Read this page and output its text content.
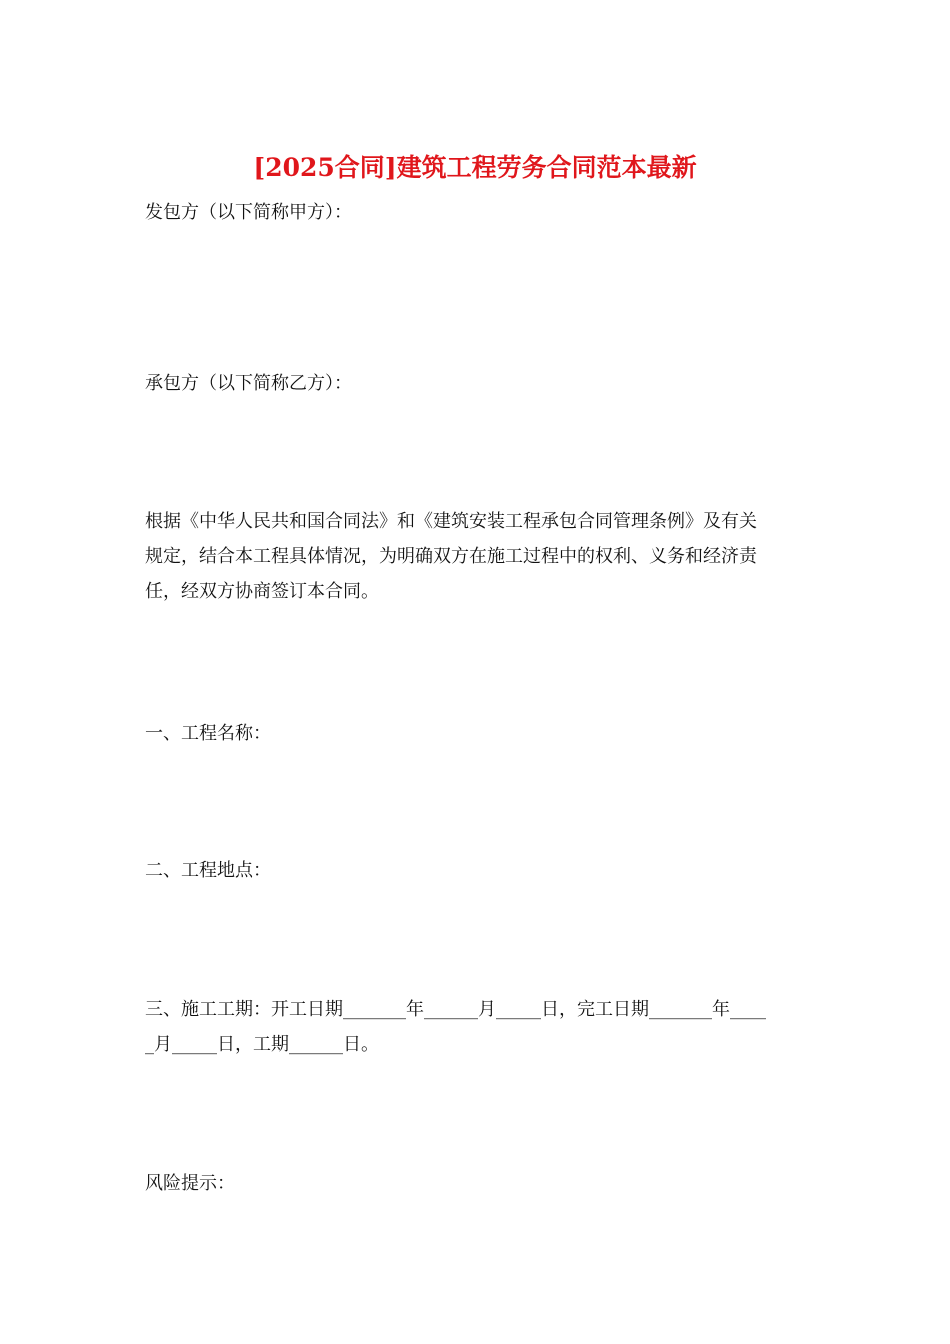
[2025合同]建筑工程劳务合同范本最新
发包方（以下简称甲方）：
承包方（以下简称乙方）：
根据《中华人民共和国合同法》和《建筑安装工程承包合同管理条例》及有关
规定，结合本工程具体情况，为明确双方在施工过程中的权利、义务和经济责
任，经双方协商签订本合同。
一、工程名称：
二、工程地点：
三、施工工期：开工日期_______年______月_____日，完工日期_______年____
_月_____日，工期______日。
风险提示：
